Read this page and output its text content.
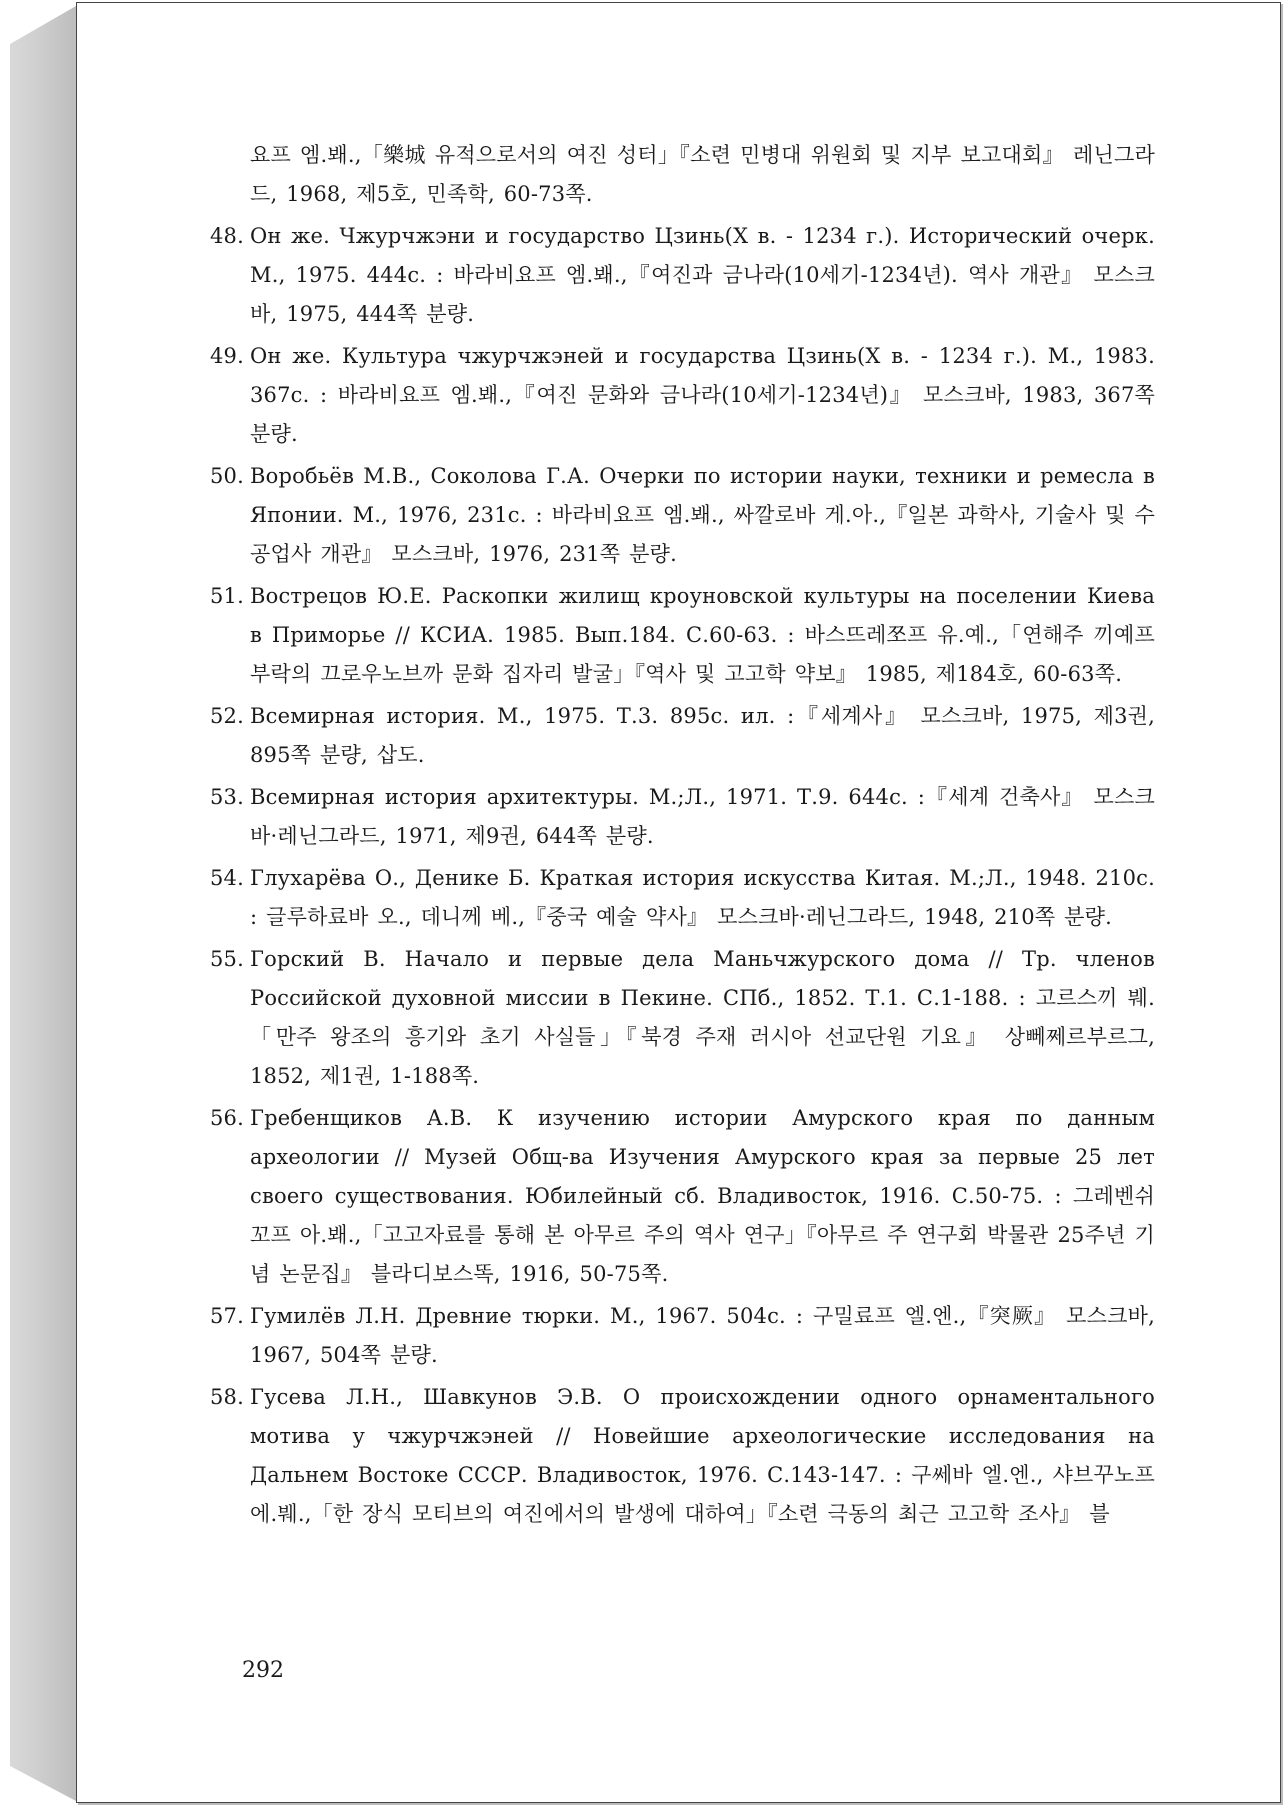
요프 엠.봬.,「樂城 유적으로서의 여진 성터」『소련 민병대 위원회 및 지부 보고대회』 레닌그라드, 1968, 제5호, 민족학, 60-73쪽.

48. Он же. Чжурчжэни и государство Цзинь(X в. - 1234 г.). Исторический очерк. М., 1975. 444с. : 바라비요프 엠.봬.,『여진과 금나라(10세기-1234년). 역사 개관』 모스크바, 1975, 444쪽 분량.

49. Он же. Культура чжурчжэней и государства Цзинь(X в. - 1234 г.). М., 1983. 367с. : 바라비요프 엠.봬.,『여진 문화와 금나라(10세기-1234년)』 모스크바, 1983, 367쪽 분량.

50. Воробьёв М.В., Соколова Г.А. Очерки по истории науки, техники и ремесла в Японии. М., 1976, 231с. : 바라비요프 엠.봬., 싸깔로바 게.아.,『일본 과학사, 기술사 및 수공업사 개관』 모스크바, 1976, 231쪽 분량.

51. Вострецов Ю.Е. Раскопки жилищ кроуновской культуры на поселении Киева в Приморье // КСИА. 1985. Вып.184. С.60-63. : 바스뜨레쪼프 유.예.,「연해주 끼예프 부락의 끄로우노브까 문화 집자리 발굴」『역사 및 고고학 약보』 1985, 제184호, 60-63쪽.

52. Всемирная история. М., 1975. Т.3. 895с. ил. :『세계사』 모스크바, 1975, 제3권, 895쪽 분량, 삽도.

53. Всемирная история архитектуры. М.;Л., 1971. Т.9. 644с. :『세계 건축사』 모스크바·레닌그라드, 1971, 제9권, 644쪽 분량.

54. Глухарёва О., Денике Б. Краткая история искусства Китая. М.;Л., 1948. 210с. : 글루하료바 오., 데니께 베.,『중국 예술 약사』 모스크바·레닌그라드, 1948, 210쪽 분량.

55. Горский В. Начало и первые дела Маньчжурского дома // Тр. членов Российской духовной миссии в Пекине. СПб., 1852. Т.1. С.1-188. : 고르스끼 붸.「만주 왕조의 흥기와 초기 사실들」『북경 주재 러시아 선교단원 기요』 상뻬쩨르부르그, 1852, 제1권, 1-188쪽.

56. Гребенщиков А.В. К изучению истории Амурского края по данным археологии // Музей Общ-ва Изучения Амурского края за первые 25 лет своего существования. Юбилейный сб. Владивосток, 1916. С.50-75. : 그레벤쉬꼬프 아.봬.,「고고자료를 통해 본 아무르 주의 역사 연구」『아무르 주 연구회 박물관 25주년 기념 논문집』 블라디보스똑, 1916, 50-75쪽.

57. Гумилёв Л.Н. Древние тюрки. М., 1967. 504с. : 구밀료프 엘.엔.,『突厥』 모스크바, 1967, 504쪽 분량.

58. Гусева Л.Н., Шавкунов Э.В. О происхождении одного орнаментального мотива у чжурчжэней // Новейшие археологические исследования на Дальнем Востоке СССР. Владивосток, 1976. С.143-147. : 구쎄바 엘.엔., 샤브꾸노프 에.붸.,「한 장식 모티브의 여진에서의 발생에 대하여」『소련 극동의 최근 고고학 조사』 블

292
